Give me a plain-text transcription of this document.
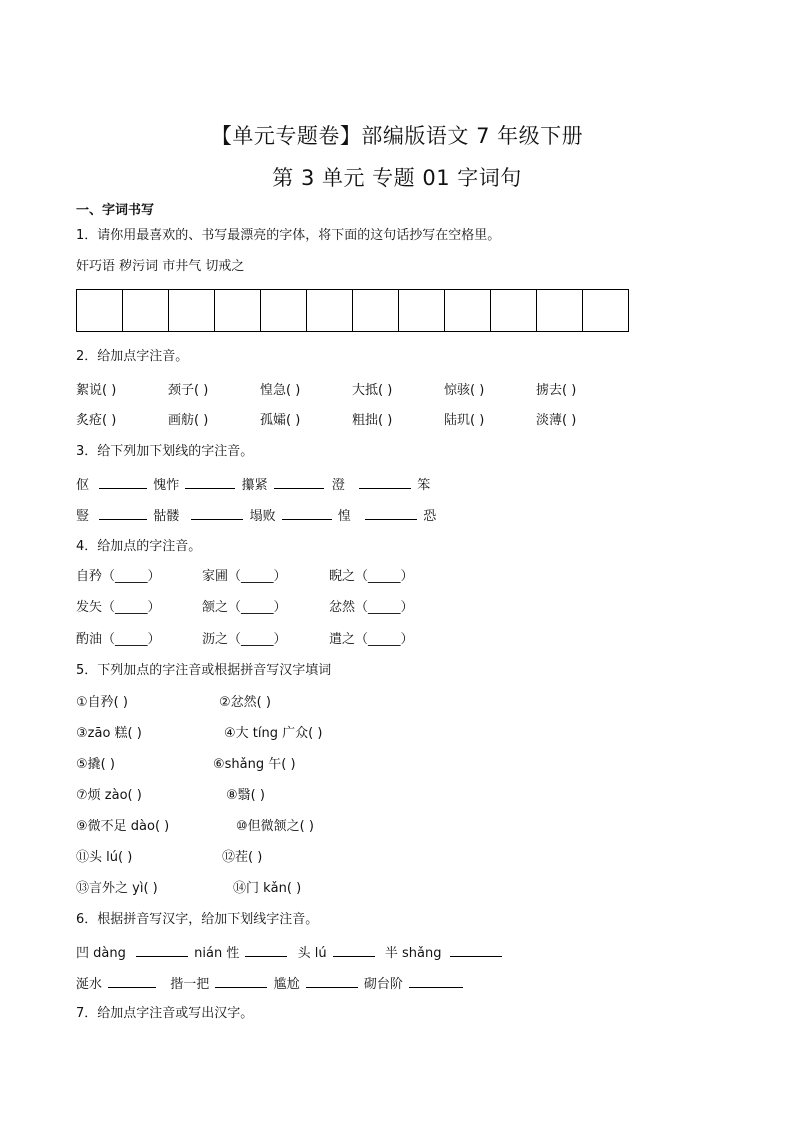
【单元专题卷】部编版语文 7 年级下册
第 3 单元 专题 01 字词句
一、字词书写
1．请你用最喜欢的、书写最漂亮的字体，将下面的这句话抄写在空格里。
奸巧语 秽污词 市井气 切戒之
2．给加点字注音。
絮说( )	颈子( )	惶急( )	大抵( )	惊骇( )	掳去( )
炙疮( )	画舫( )	孤孀( )	粗拙( )	陆玑( )	淡薄( )
3．给下列加下划线的字注音。
伛	愧怍	攥紧	澄	笨
豎	骷髅	塌败	惶	恐
4．给加点的字注音。
自矜（_____）	家圃（_____）	睨之（_____）
发矢（_____）	颔之（_____）	忿然（_____）
酌油（_____）	沥之（_____）	遣之（_____）
5．下列加点的字注音或根据拼音写汉字填词
①自矜( )	②忿然( )
③zāo 糕( )	④大 tíng 广众( )
⑤撬( )	⑥shǎng 午( )
⑦烦 zào( )	⑧翳( )
⑨微不足 dào( )	⑩但微颔之( )
⑪头 lú( )	⑫茬( )
⑬言外之 yì( )	⑭门 kǎn( )
6．根据拼音写汉字，给加下划线字注音。
凹 dàng	nián 性	头 lú	半 shǎng
涎水	揩一把	尴尬	砌台阶
7．给加点字注音或写出汉字。
